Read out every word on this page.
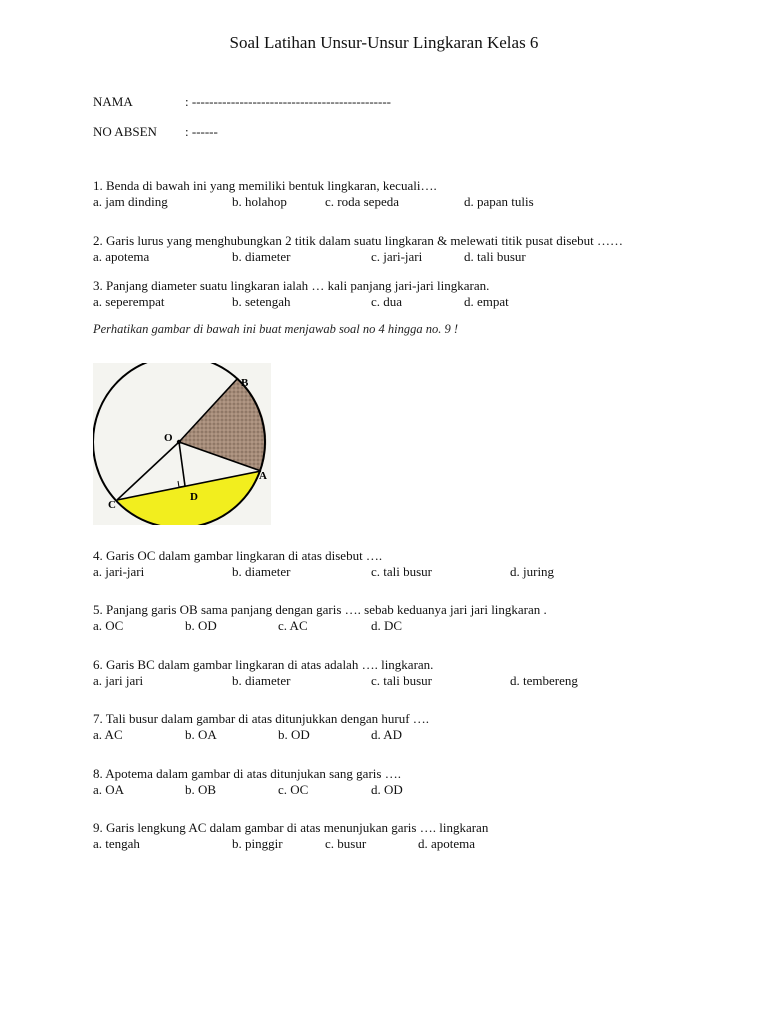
Soal Latihan Unsur-Unsur Lingkaran Kelas 6
NAMA	: ----------------------------------------------
NO ABSEN : ------
1. Benda di bawah ini yang memiliki bentuk lingkaran, kecuali….
a. jam dinding	b. holahop	c. roda sepeda	d. papan tulis
2. Garis lurus yang menghubungkan 2 titik dalam suatu lingkaran & melewati titik pusat disebut ……
a. apotema	b. diameter	c. jari-jari	d. tali busur
3. Panjang diameter suatu lingkaran ialah … kali panjang jari-jari lingkaran.
a. seperempat	b. setengah	c. dua	d. empat
Perhatikan gambar di bawah ini buat menjawab soal no 4 hingga no. 9 !
B
O
A
C
D
4. Garis OC dalam gambar lingkaran di atas disebut ….
a. jari-jari	b. diameter	c. tali busur	d. juring
5. Panjang garis OB sama panjang dengan garis …. sebab keduanya jari jari lingkaran .
a. OC	b. OD	c. AC	d. DC
6. Garis BC dalam gambar lingkaran di atas adalah …. lingkaran.
a. jari jari	b. diameter	c. tali busur	d. tembereng
7. Tali busur dalam gambar di atas ditunjukkan dengan huruf ….
a. AC	b. OA	b. OD	d. AD
8. Apotema dalam gambar di atas ditunjukan sang garis ….
a. OA	b. OB	c. OC	d. OD
9. Garis lengkung AC dalam gambar di atas menunjukan garis …. lingkaran
a. tengah	b. pinggir	c. busur	d. apotema
